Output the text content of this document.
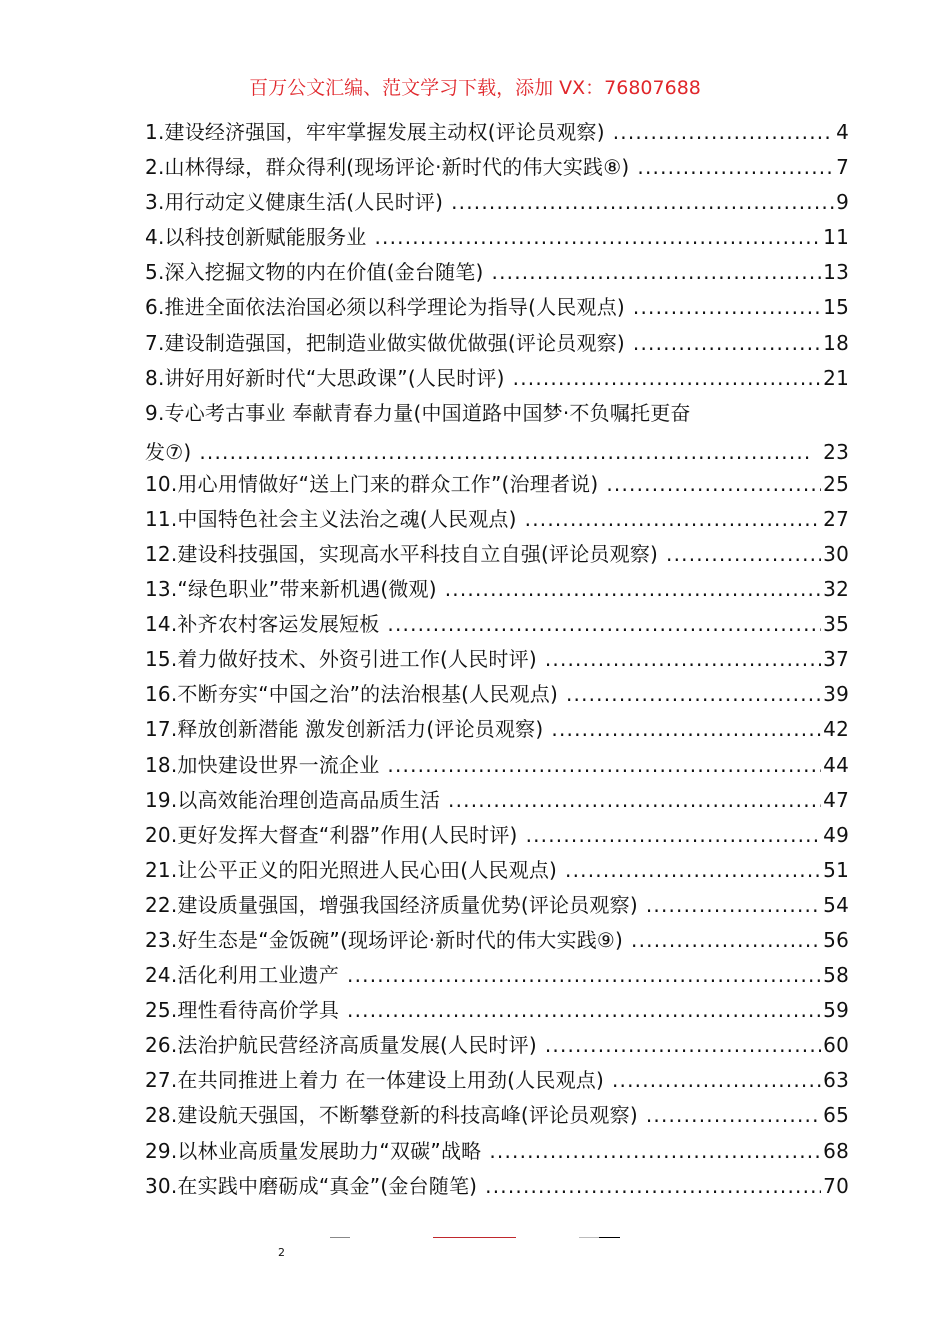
百万公文汇编、范文学习下载，添加 VX：76807688
1 . 建设经济强国，牢牢掌握发展主动权(评论员观察) .....	4
2 . 山林得绿，群众得利(现场评论·新时代的伟大实践⑧) .....	7
3 . 用行动定义健康生活(人民时评) .....	9
4 . 以科技创新赋能服务业 .....	11
5 . 深入挖掘文物的内在价值(金台随笔) .....	13
6 . 推进全面依法治国必须以科学理论为指导(人民观点) .....	15
7 . 建设制造强国，把制造业做实做优做强(评论员观察) .....	18
8 . 讲好用好新时代“大思政课”(人民时评) .....	21
9 . 专心考古事业 奉献青春力量(中国道路中国梦·不负嘱托更奋
发⑦) .....	23
10 . 用心用情做好“送上门来的群众工作”(治理者说) .....	25
11 . 中国特色社会主义法治之魂(人民观点) .....	27
12 . 建设科技强国，实现高水平科技自立自强(评论员观察) .....	30
13 . “绿色职业”带来新机遇(微观) .....	32
14 . 补齐农村客运发展短板 .....	35
15 . 着力做好技术、外资引进工作(人民时评) .....	37
16 . 不断夯实“中国之治”的法治根基(人民观点) .....	39
17 . 释放创新潜能 激发创新活力(评论员观察) .....	42
18 . 加快建设世界一流企业 .....	44
19 . 以高效能治理创造高品质生活 .....	47
20 . 更好发挥大督查“利器”作用(人民时评) .....	49
21 . 让公平正义的阳光照进人民心田(人民观点) .....	51
22 . 建设质量强国，增强我国经济质量优势(评论员观察) .....	54
23 . 好生态是“金饭碗”(现场评论·新时代的伟大实践⑨) .....	56
24 . 活化利用工业遗产 .....	58
25 . 理性看待高价学具 .....	59
26 . 法治护航民营经济高质量发展(人民时评) .....	60
27 . 在共同推进上着力 在一体建设上用劲(人民观点) .....	63
28 . 建设航天强国，不断攀登新的科技高峰(评论员观察) .....	65
29 . 以林业高质量发展助力“双碳”战略 .....	68
30 . 在实践中磨砺成“真金”(金台随笔) .....	70
2
